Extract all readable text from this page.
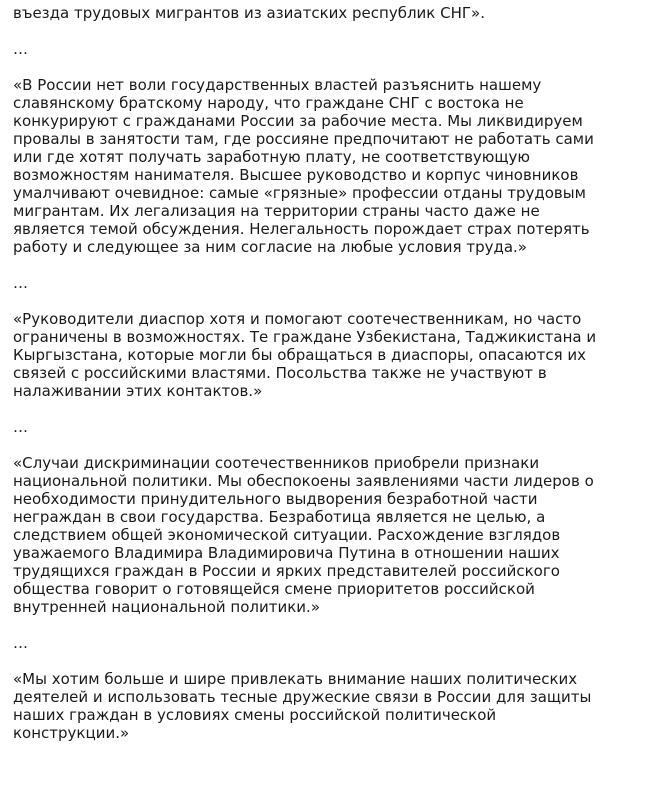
въезда трудовых мигрантов из азиатских республик СНГ».

…

«В России нет воли государственных властей разъяснить нашему
славянскому братскому народу, что граждане СНГ с востока не
конкурируют с гражданами России за рабочие места. Мы ликвидируем
провалы в занятости там, где россияне предпочитают не работать сами
или где хотят получать заработную плату, не соответствующую
возможностям нанимателя. Высшее руководство и корпус чиновников
умалчивают очевидное: самые «грязные» профессии отданы трудовым
мигрантам. Их легализация на территории страны часто даже не
является темой обсуждения. Нелегальность порождает страх потерять
работу и следующее за ним согласие на любые условия труда.»

…

«Руководители диаспор хотя и помогают соотечественникам, но часто
ограничены в возможностях. Те граждане Узбекистана, Таджикистана и
Кыргызстана, которые могли бы обращаться в диаспоры, опасаются их
связей с российскими властями. Посольства также не участвуют в
налаживании этих контактов.»

…

«Случаи дискриминации соотечественников приобрели признаки
национальной политики. Мы обеспокоены заявлениями части лидеров о
необходимости принудительного выдворения безработной части
неграждан в свои государства. Безработица является не целью, а
следствием общей экономической ситуации. Расхождение взглядов
уважаемого Владимира Владимировича Путина в отношении наших
трудящихся граждан в России и ярких представителей российского
общества говорит о готовящейся смене приоритетов российской
внутренней национальной политики.»

…

«Мы хотим больше и шире привлекать внимание наших политических
деятелей и использовать тесные дружеские связи в России для защиты
наших граждан в условиях смены российской политической
конструкции.»
